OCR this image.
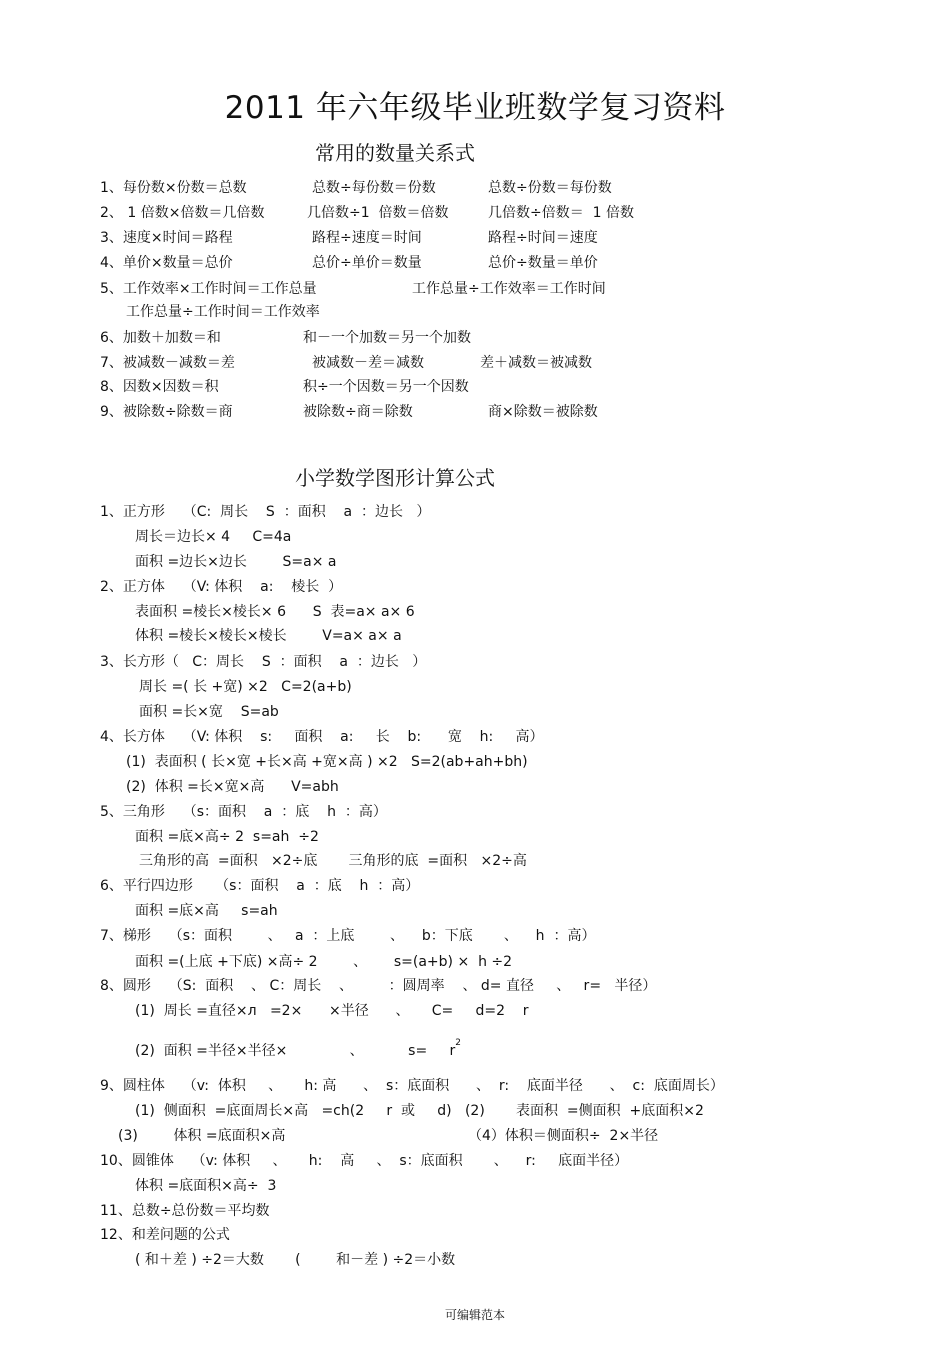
2011 年六年级毕业班数学复习资料
常用的数量关系式
1、每份数×份数＝总数	总数÷每份数＝份数	总数÷份数＝每份数
2、 1 倍数×倍数＝几倍数	几倍数÷1  倍数＝倍数	几倍数÷倍数＝  1 倍数
3、速度×时间＝路程	路程÷速度＝时间	路程÷时间＝速度
4、单价×数量＝总价	总价÷单价＝数量	总价÷数量＝单价
5、工作效率×工作时间＝工作总量	工作总量÷工作效率＝工作时间
工作总量÷工作时间＝工作效率
6、加数＋加数＝和	和－一个加数＝另一个加数
7、被减数－减数＝差	被减数－差＝减数	差＋减数＝被减数
8、因数×因数＝积	积÷一个因数＝另一个因数
9、被除数÷除数＝商	被除数÷商＝除数	商×除数＝被除数
小学数学图形计算公式
1、正方形    （C:  周长    S  ：面积    a  ：边长   ）
周长＝边长× 4     C=4a
面积 =边长×边长        S=a× a
2、正方体    （V: 体积    a:    棱长  ）
表面积 =棱长×棱长× 6      S  表=a× a× 6
体积 =棱长×棱长×棱长        V=a× a× a
3、长方形（   C：周长    S  ：面积    a  ：边长   ）
周长 =( 长 +宽) ×2   C=2(a+b)
面积 =长×宽    S=ab
4、长方体    （V: 体积    s:     面积    a:     长    b:      宽    h:     高）
(1)  表面积 ( 长×宽 +长×高 +宽×高 ) ×2   S=2(ab+ah+bh)
(2)  体积 =长×宽×高      V=abh
5、三角形    （s：面积    a  ：底    h  ：高）
面积 =底×高÷ 2  s=ah  ÷2
三角形的高  =面积   ×2÷底       三角形的底  =面积   ×2÷高
6、平行四边形     （s：面积    a  ：底    h  ：高）
面积 =底×高     s=ah
7、梯形    （s：面积        、   a  ：上底        、    b：下底       、    h  ：高）
面积 =(上底 +下底) ×高÷ 2        、      s=(a+b) ×  h ÷2
8、圆形    （S:  面积    、 C：周长    、        ：圆周率    、 d= 直径     、   r=   半径）
(1)  周长 =直径×л   =2×      ×半径      、     C=     d=2    r
(2)  面积 =半径×半径×              、          s=     r 2
9、圆柱体    （v:  体积     、     h: 高      、  s：底面积      、  r:    底面半径      、  c:  底面周长）
(1)  侧面积  =底面周长×高   =ch(2     r  或     d)   (2)       表面积  =侧面积  +底面积×2
(3)        体积 =底面积×高	（4）体积＝侧面积÷  2×半径
10、圆锥体    （v: 体积     、     h:    高     、  s：底面积       、    r:     底面半径）
体积 =底面积×高÷  3
11、总数÷总份数＝平均数
12、和差问题的公式
( 和＋差 ) ÷2＝大数       (        和－差 ) ÷2＝小数
可编辑范本
